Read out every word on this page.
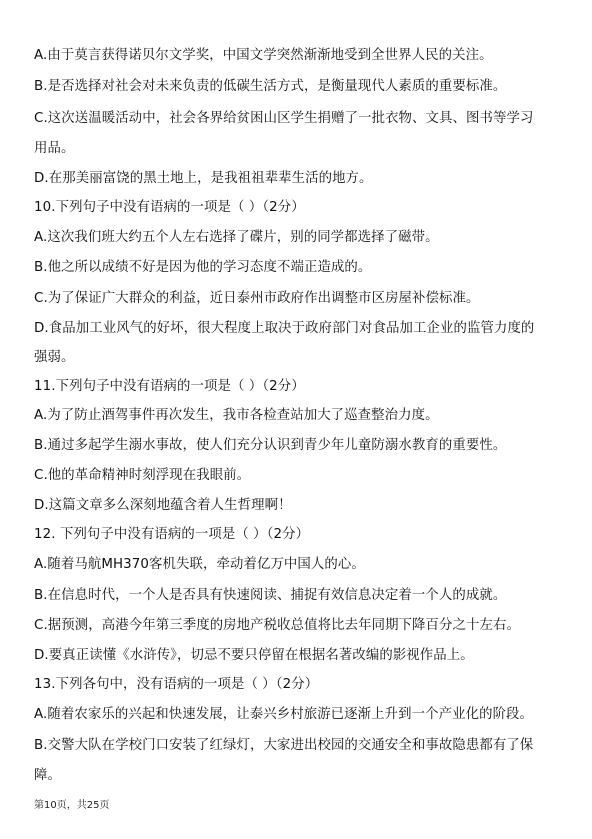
A.由于莫言获得诺贝尔文学奖，中国文学突然渐渐地受到全世界人民的关注。
B.是否选择对社会对未来负责的低碳生活方式，是衡量现代人素质的重要标准。
C.这次送温暖活动中，社会各界给贫困山区学生捐赠了一批衣物、文具、图书等学习
用品。
D.在那美丽富饶的黑土地上，是我祖祖辈辈生活的地方。
10.下列句子中没有语病的一项是（ ）（2分）
A.这次我们班大约五个人左右选择了碟片，别的同学都选择了磁带。
B.他之所以成绩不好是因为他的学习态度不端正造成的。
C.为了保证广大群众的利益，近日泰州市政府作出调整市区房屋补偿标准。
D.食品加工业风气的好坏，很大程度上取决于政府部门对食品加工企业的监管力度的
强弱。
11.下列句子中没有语病的一项是（ ）（2分）
A.为了防止酒驾事件再次发生，我市各检查站加大了巡查整治力度。
B.通过多起学生溺水事故，使人们充分认识到青少年儿童防溺水教育的重要性。
C.他的革命精神时刻浮现在我眼前。
D.这篇文章多么深刻地蕴含着人生哲理啊！
12. 下列句子中没有语病的一项是（ ）（2分）
A.随着马航MH370客机失联，牵动着亿万中国人的心。
B.在信息时代，一个人是否具有快速阅读、捕捉有效信息决定着一个人的成就。
C.据预测，高港今年第三季度的房地产税收总值将比去年同期下降百分之十左右。
D.要真正读懂《水浒传》，切忌不要只停留在根据名著改编的影视作品上。
13.下列各句中，没有语病的一项是（ ）（2分）
A.随着农家乐的兴起和快速发展，让泰兴乡村旅游已逐渐上升到一个产业化的阶段。
B.交警大队在学校门口安装了红绿灯，大家进出校园的交通安全和事故隐患都有了保
障。
第10页，共25页
